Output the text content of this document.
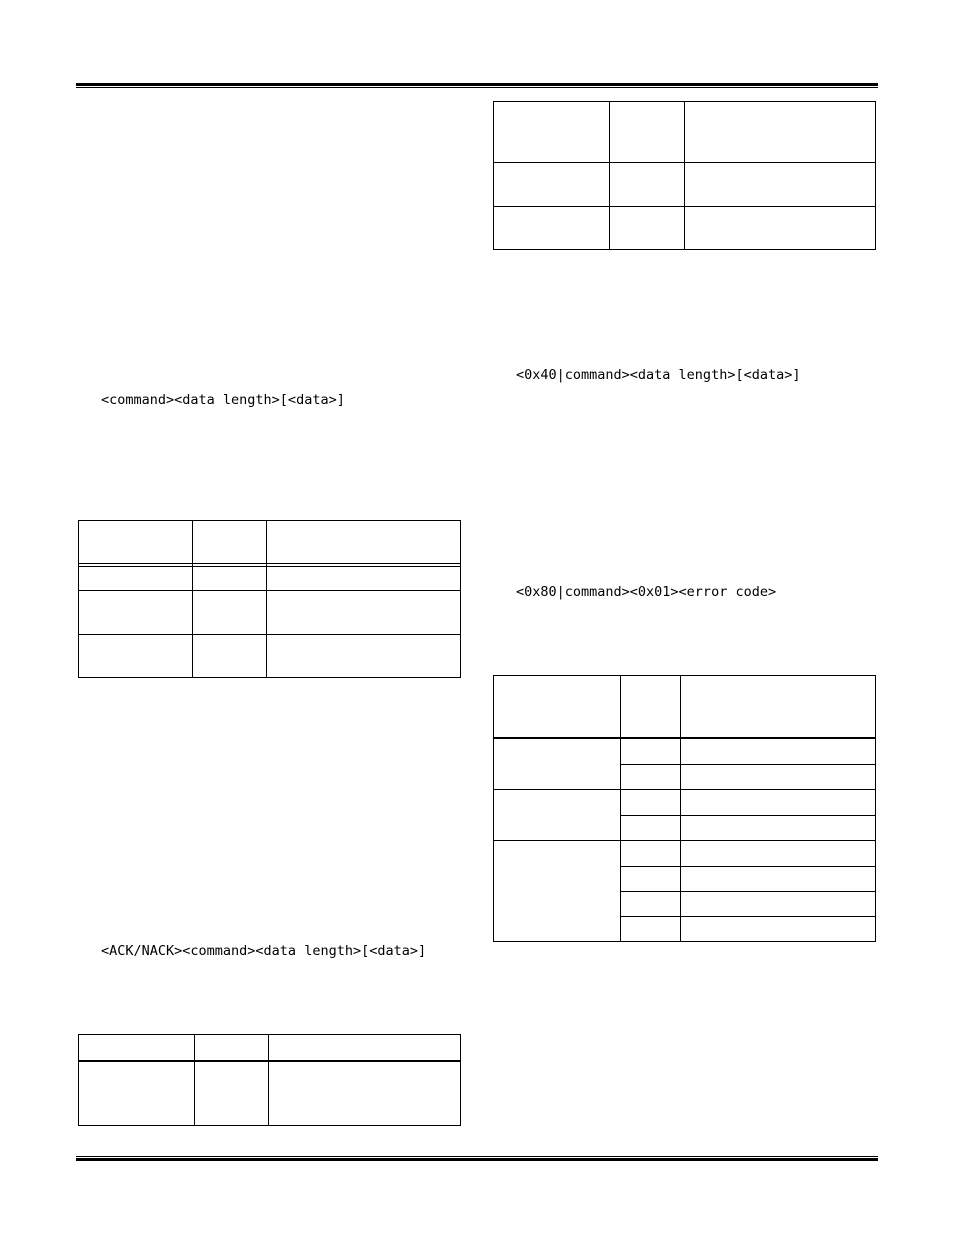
<command><data length>[<data>]
<ACK/NACK><command><data length>[<data>]
<0x40|command><data length>[<data>]
<0x80|command><0x01><error code>
